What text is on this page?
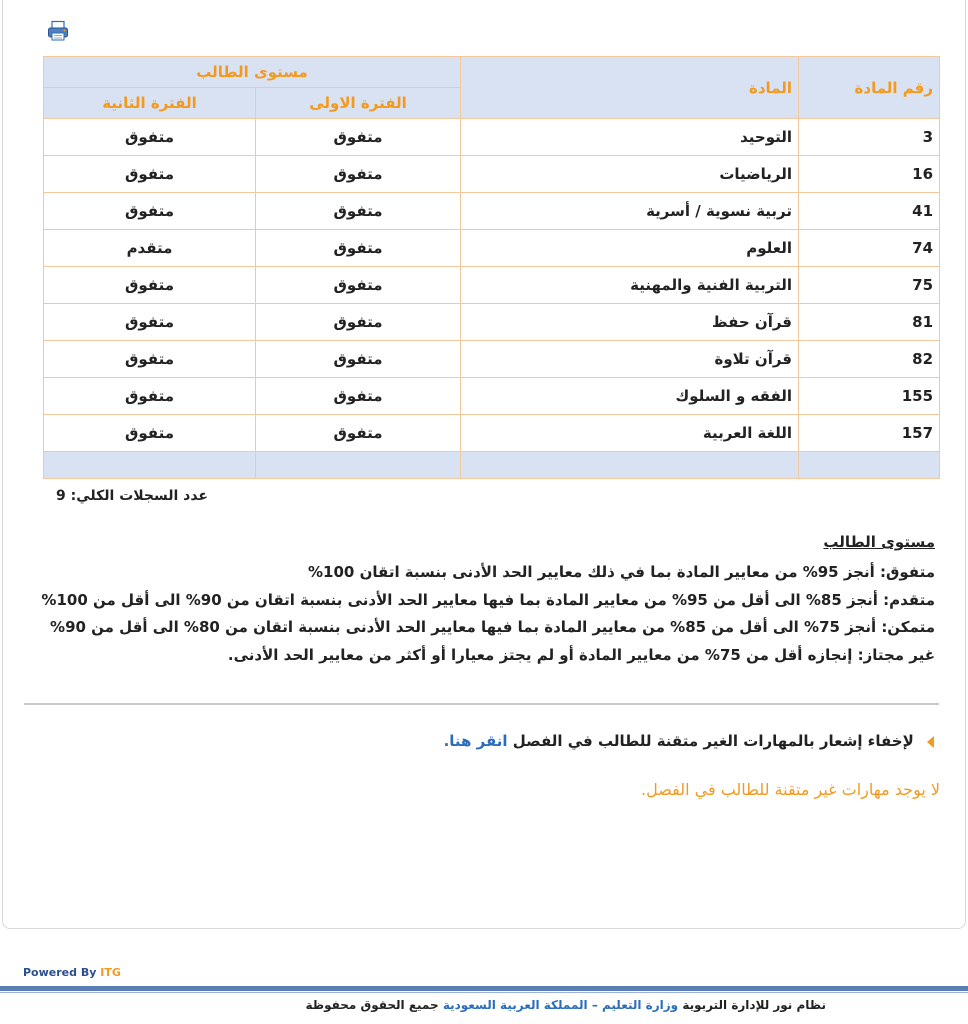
رقم المادة	المادة	مستوى الطالب	
		الفترة الاولى	الفترة الثانية
3	التوحيد	متفوق	متفوق
16	الرياضيات	متفوق	متفوق
41	تربية نسوية / أسرية	متفوق	متفوق
74	العلوم	متفوق	متقدم
75	التربية الفنية والمهنية	متفوق	متفوق
81	قرآن حفظ	متفوق	متفوق
82	قرآن تلاوة	متفوق	متفوق
155	الفقه و السلوك	متفوق	متفوق
157	اللغة العربية	متفوق	متفوق

عدد السجلات الكلي: 9
مستوى الطالب
متفوق: أنجز 95% من معايير المادة بما في ذلك معايير الحد الأدنى بنسبة اتقان 100%
متقدم: أنجز 85% الى أقل من 95% من معايير المادة بما فيها معايير الحد الأدنى بنسبة اتقان من 90% الى أقل من 100%
متمكن: أنجز 75% الى أقل من 85% من معايير المادة بما فيها معايير الحد الأدنى بنسبة اتقان من 80% الى أقل من 90%
غير مجتاز: إنجازه أقل من 75% من معايير المادة أو لم يجتز معيارا أو أكثر من معايير الحد الأدنى.
لإخفاء إشعار بالمهارات الغير متقنة للطالب في الفصل انقر هنا.
لا يوجد مهارات غير متقنة للطالب في الفصل.
Powered By ITG
نظام نور للإدارة التربوية وزارة التعليم – المملكة العربية السعودية جميع الحقوق محفوظة
